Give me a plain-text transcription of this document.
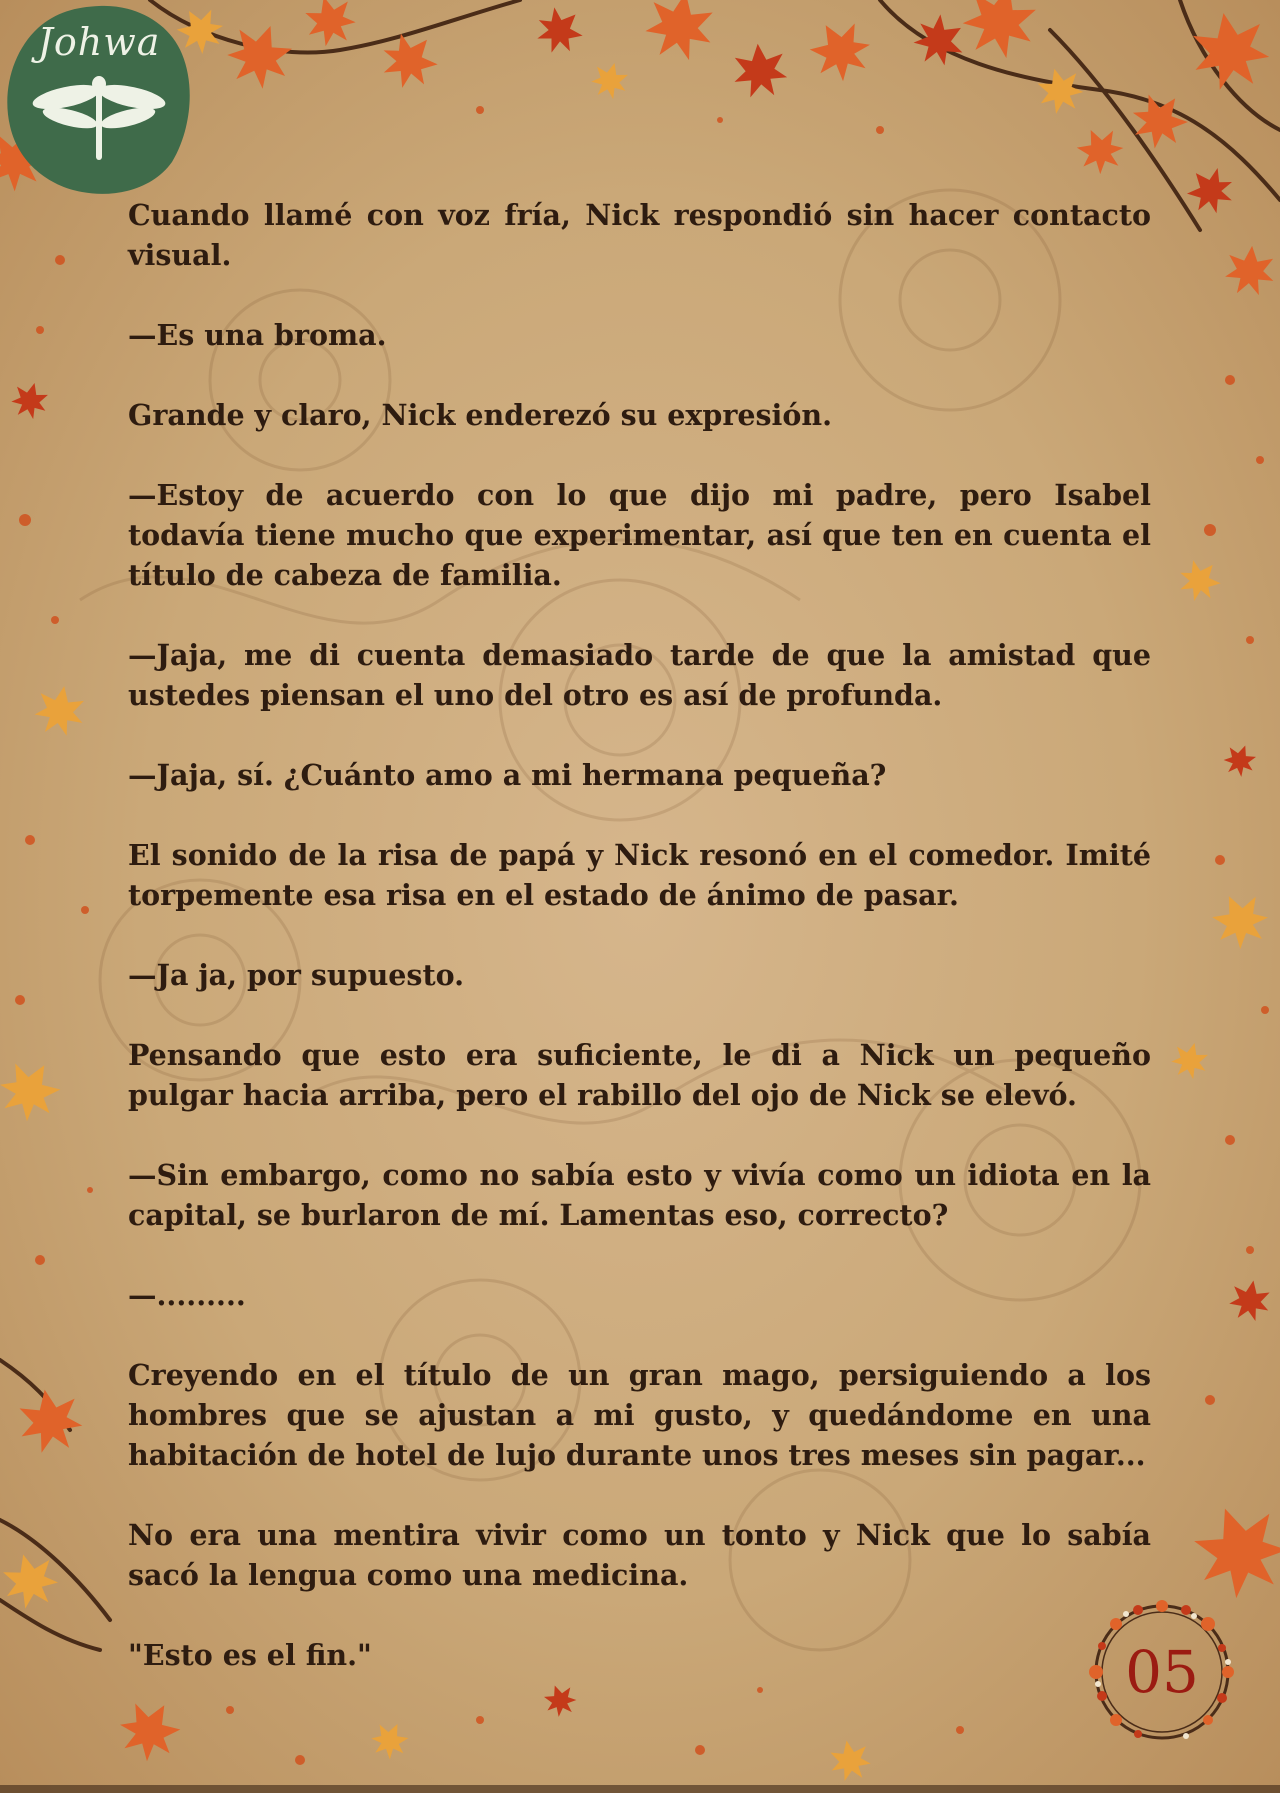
Johwa

Cuando llamé con voz fría, Nick respondió sin hacer contacto visual.

—Es una broma.

Grande y claro, Nick enderezó su expresión.

—Estoy de acuerdo con lo que dijo mi padre, pero Isabel todavía tiene mucho que experimentar, así que ten en cuenta el título de cabeza de familia.

—Jaja, me di cuenta demasiado tarde de que la amistad que ustedes piensan el uno del otro es así de profunda.

—Jaja, sí. ¿Cuánto amo a mi hermana pequeña?

El sonido de la risa de papá y Nick resonó en el comedor. Imité torpemente esa risa en el estado de ánimo de pasar.

—Ja ja, por supuesto.

Pensando que esto era suficiente, le di a Nick un pequeño pulgar hacia arriba, pero el rabillo del ojo de Nick se elevó.

—Sin embargo, como no sabía esto y vivía como un idiota en la capital, se burlaron de mí. Lamentas eso, correcto?

—.........

Creyendo en el título de un gran mago, persiguiendo a los hombres que se ajustan a mi gusto, y quedándome en una habitación de hotel de lujo durante unos tres meses sin pagar...

No era una mentira vivir como un tonto y Nick que lo sabía sacó la lengua como una medicina.

"Esto es el fin."	05
